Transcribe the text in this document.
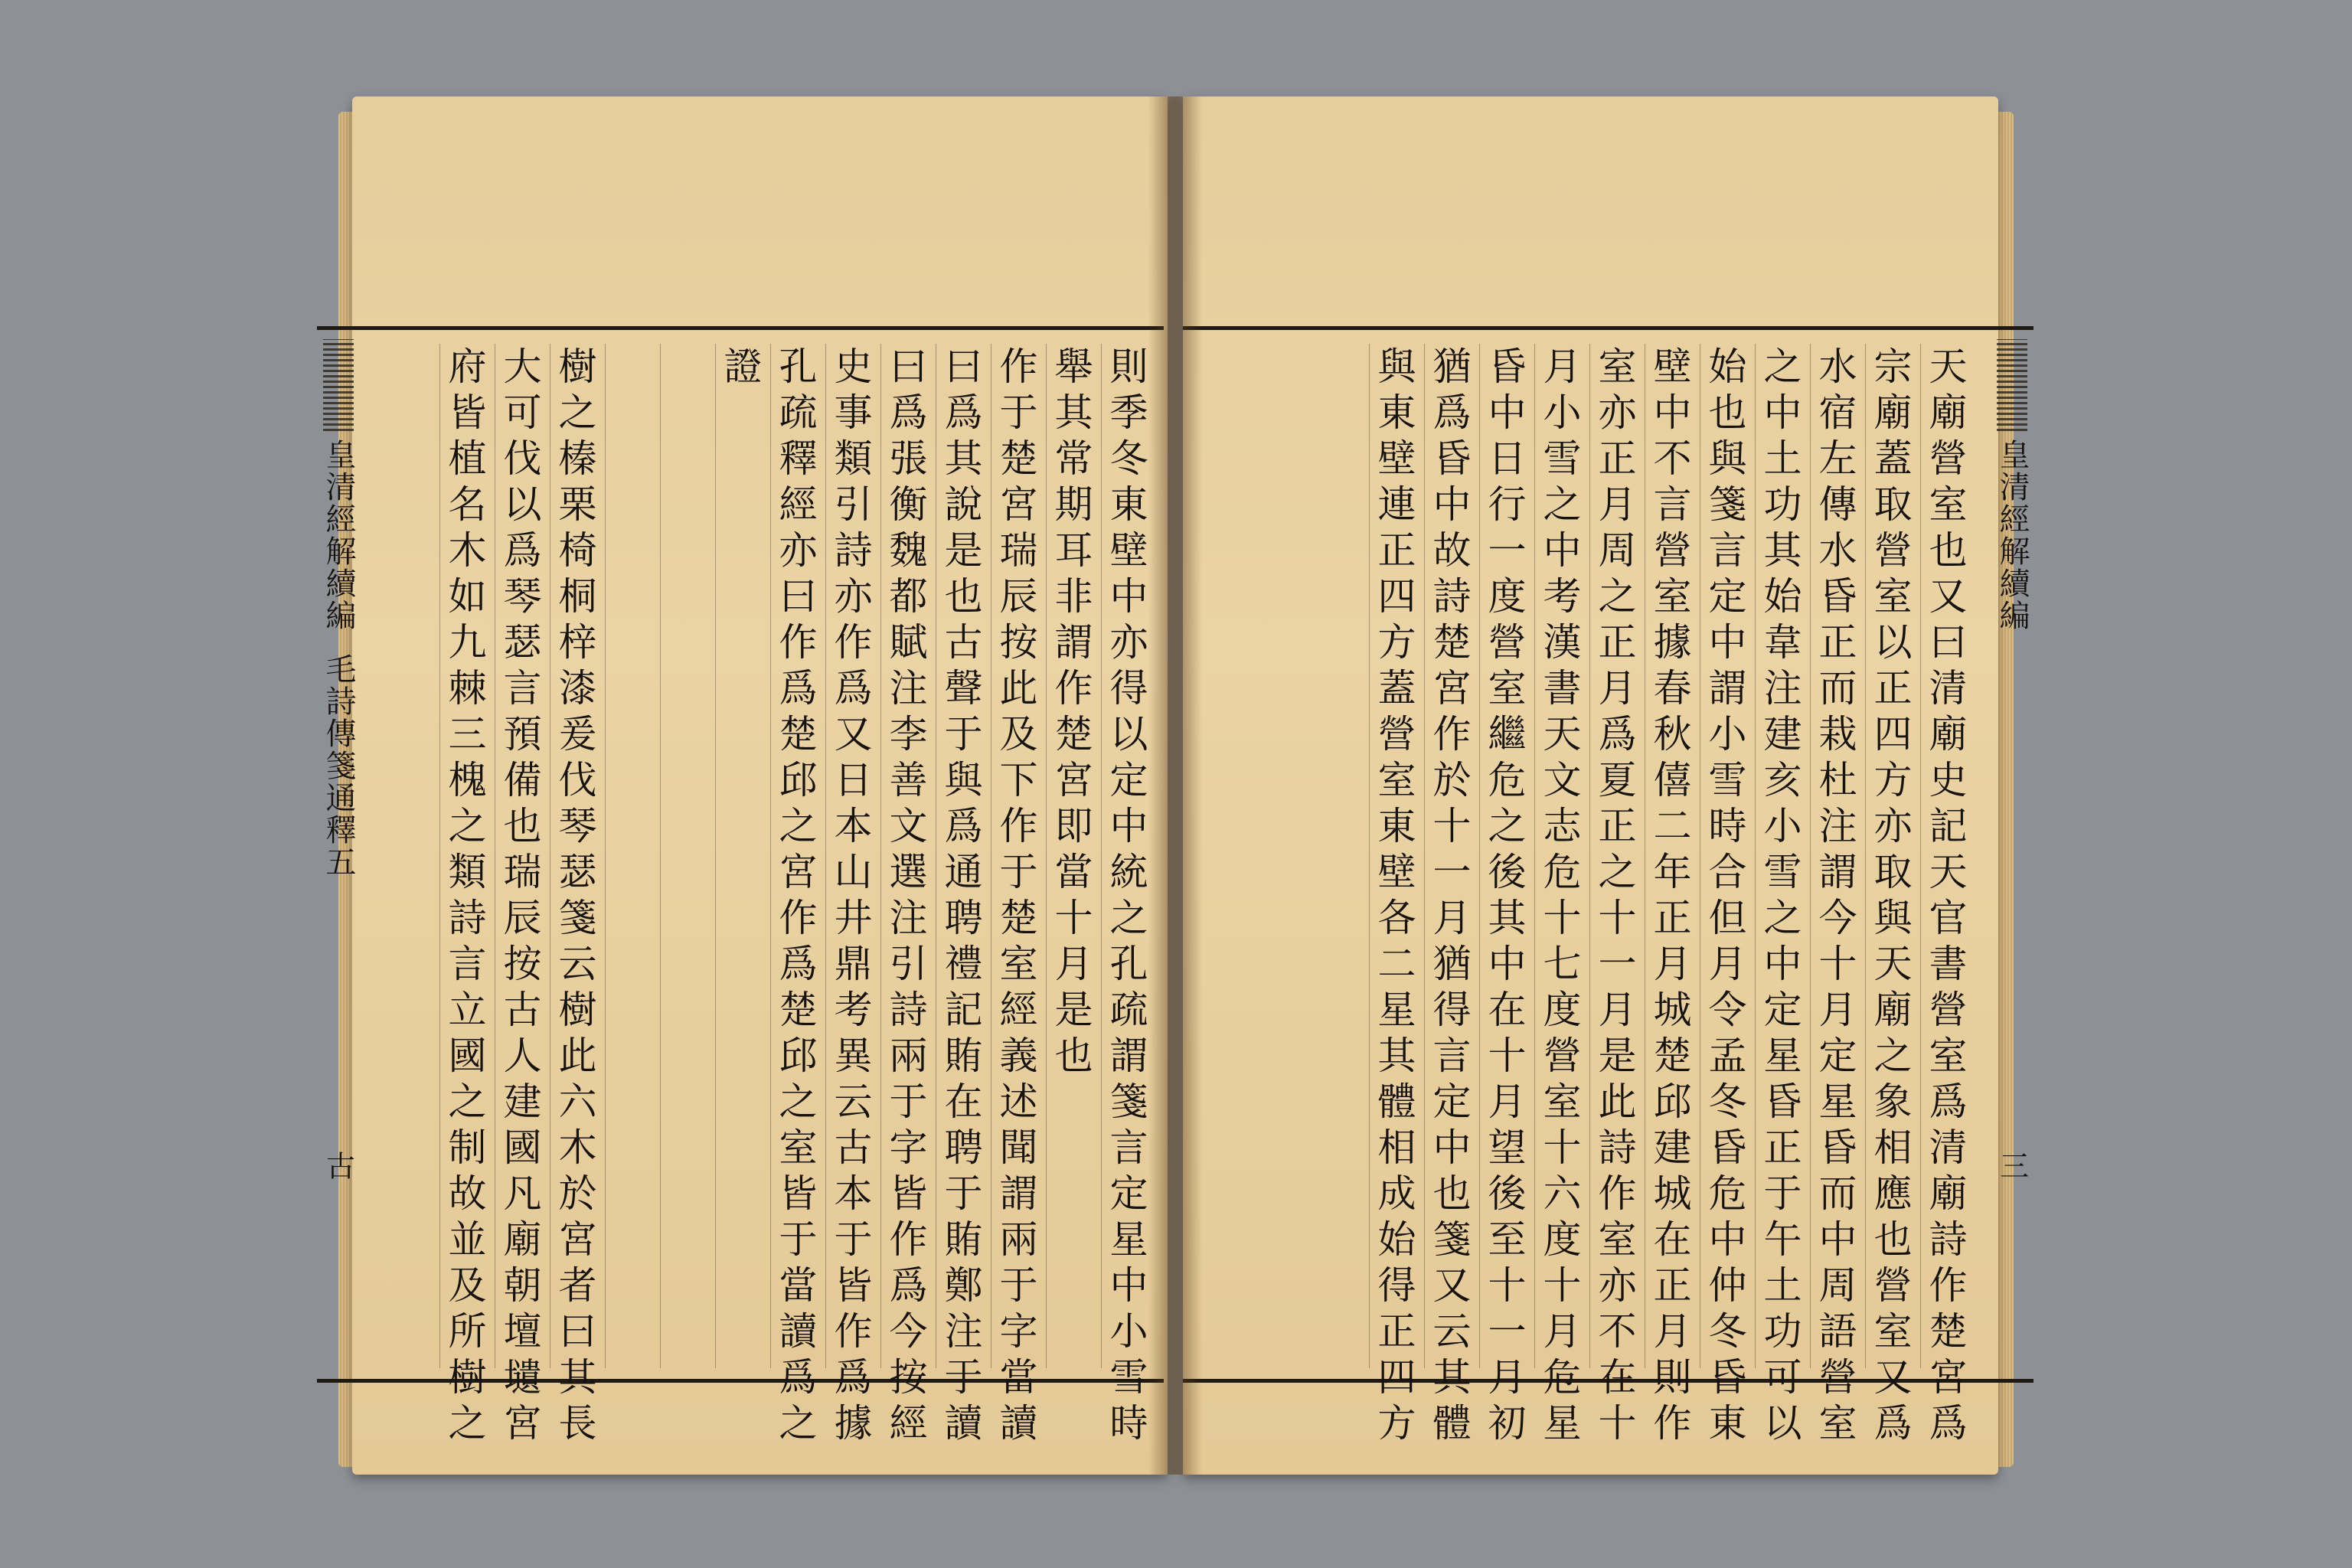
則
季
冬
東
壁
中
亦
得
以
定
中
統
之
孔
疏
謂
箋
言
定
星
中
小
雪
時
舉
其
常
期
耳
非
謂
作
楚
宮
即
當
十
月
是
也
作
于
楚
宮
瑞
辰
按
此
及
下
作
于
楚
室
經
義
述
聞
謂
兩
于
字
當
讀
曰
爲
其
說
是
也
古
聲
于
與
爲
通
聘
禮
記
賄
在
聘
于
賄
鄭
注
于
讀
曰
爲
張
衡
魏
都
賦
注
李
善
文
選
注
引
詩
兩
于
字
皆
作
爲
今
按
經
史
事
類
引
詩
亦
作
爲
又
日
本
山
井
鼎
考
異
云
古
本
于
皆
作
爲
據
孔
疏
釋
經
亦
曰
作
爲
楚
邱
之
宮
作
爲
楚
邱
之
室
皆
于
當
讀
爲
之
證
樹
之
榛
栗
椅
桐
梓
漆
爰
伐
琴
瑟
箋
云
樹
此
六
木
於
宮
者
曰
其
長
大
可
伐
以
爲
琴
瑟
言
預
備
也
瑞
辰
按
古
人
建
國
凡
廟
朝
壇
壝
宮
府
皆
植
名
木
如
九
棘
三
槐
之
類
詩
言
立
國
之
制
故
並
及
所
樹
之
皇清經解續編
毛詩傳箋通釋五
古
天
廟
營
室
也
又
曰
清
廟
史
記
天
官
書
營
室
爲
清
廟
詩
作
楚
宮
爲
宗
廟
蓋
取
營
室
以
正
四
方
亦
取
與
天
廟
之
象
相
應
也
營
室
又
爲
水
宿
左
傳
水
昏
正
而
栽
杜
注
謂
今
十
月
定
星
昏
而
中
周
語
營
室
之
中
土
功
其
始
韋
注
建
亥
小
雪
之
中
定
星
昏
正
于
午
土
功
可
以
始
也
與
箋
言
定
中
謂
小
雪
時
合
但
月
令
孟
冬
昏
危
中
仲
冬
昏
東
壁
中
不
言
營
室
據
春
秋
僖
二
年
正
月
城
楚
邱
建
城
在
正
月
則
作
室
亦
正
月
周
之
正
月
爲
夏
正
之
十
一
月
是
此
詩
作
室
亦
不
在
十
月
小
雪
之
中
考
漢
書
天
文
志
危
十
七
度
營
室
十
六
度
十
月
危
星
昏
中
日
行
一
度
營
室
繼
危
之
後
其
中
在
十
月
望
後
至
十
一
月
初
猶
爲
昏
中
故
詩
楚
宮
作
於
十
一
月
猶
得
言
定
中
也
箋
又
云
其
體
與
東
壁
連
正
四
方
蓋
營
室
東
壁
各
二
星
其
體
相
成
始
得
正
四
方
皇清經解續編
三
